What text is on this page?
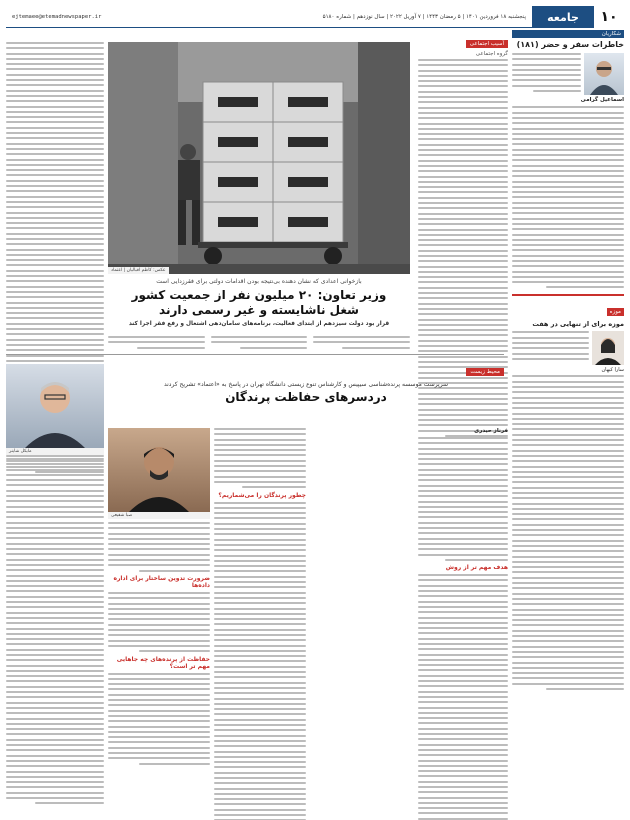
۱۰
جامعه
پنجشنبه ۱۸ فروردین ۱۴۰۱ | ۵ رمضان ۱۴۴۳ | ۷ آوریل ۲۰۲۲ | سال نوزدهم | شماره ۵۱۸۰
ejtemaee@etemadnewspaper.ir
شکاریان
خاطرات سفر و حضر (۱۸۱)
اسماعیل گرامی
موزه
موزه برای از تنهایی در هفت
سارا کیهان
آسیب اجتماعی
گروه اجتماعی
عکس: کاظم اقبالیان | اعتماد
بازخوانی اعدادی که نشان دهنده بی‌نتیجه بودن اقدامات دولتی برای فقرزدایی است
وزیر تعاون: ۲۰ میلیون نفر از جمعیت کشور
شغل ناشایسته و غیر رسمی دارند
قرار بود دولت سیزدهم از ابتدای فعالیت، برنامه‌های سامان‌دهی اشتغال و رفع فقر اجرا کند
محیط زیست
سرپرست موسسه پرنده‌شناسی سیپیس و کارشناس تنوع زیستی دانشگاه تهران در پاسخ به «اعتماد» تشریح کردند
دردسرهای حفاظت پرندگان
فرناز حیدری
هدف مهم تر از روش
چطور پرندگان را می‌شماریم؟
صبا شفیعی
ضرورت تدوین ساختار برای اداره داده‌ها
حفاظت از پرنده‌های چه جاهایی مهم تر است؟
مایکل شاینر
